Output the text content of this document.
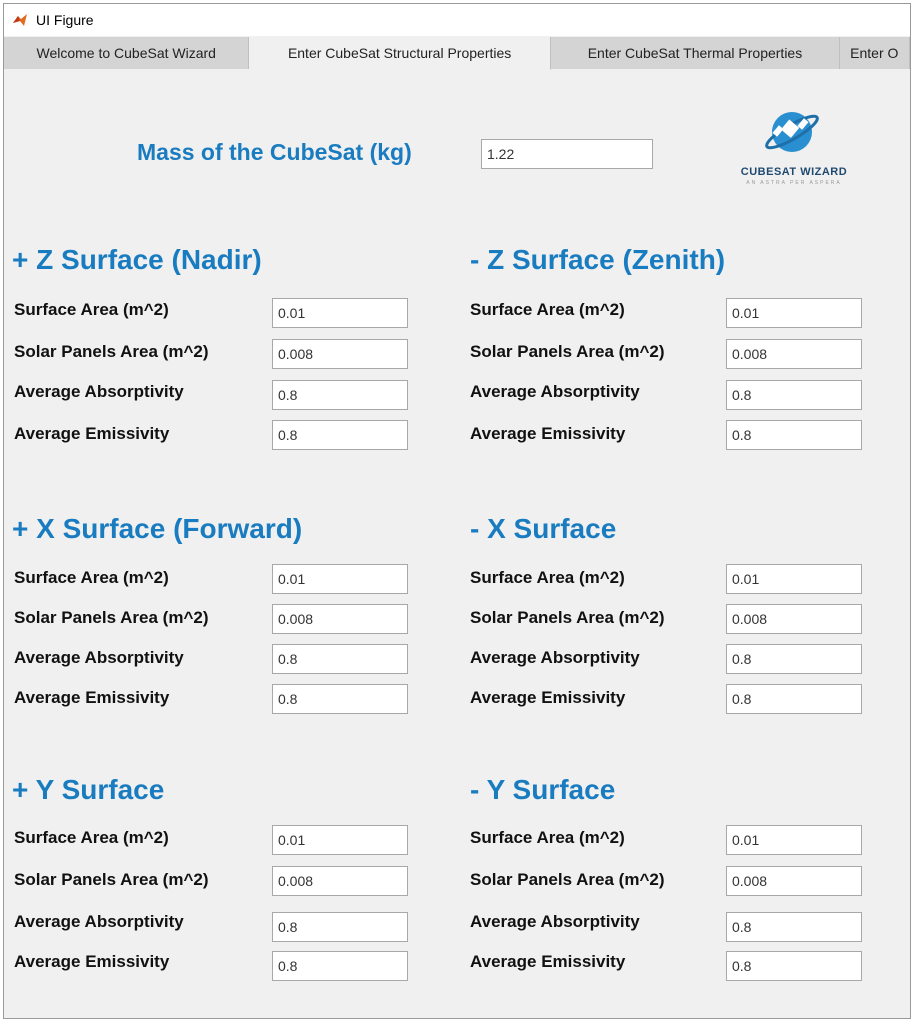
UI Figure
Welcome to CubeSat Wizard	Enter CubeSat Structural Properties	Enter CubeSat Thermal Properties	Enter O
Mass of the CubeSat (kg)	1.22
CUBESAT WIZARD
AN ASTRA PER ASPERA
+ Z Surface (Nadir)
Surface Area (m^2)	0.01
Solar Panels Area (m^2)	0.008
Average Absorptivity	0.8
Average Emissivity	0.8
- Z Surface (Zenith)
Surface Area (m^2)	0.01
Solar Panels Area (m^2)	0.008
Average Absorptivity	0.8
Average Emissivity	0.8
+ X Surface (Forward)
Surface Area (m^2)	0.01
Solar Panels Area (m^2)	0.008
Average Absorptivity	0.8
Average Emissivity	0.8
- X Surface
Surface Area (m^2)	0.01
Solar Panels Area (m^2)	0.008
Average Absorptivity	0.8
Average Emissivity	0.8
+ Y Surface
Surface Area (m^2)	0.01
Solar Panels Area (m^2)	0.008
Average Absorptivity	0.8
Average Emissivity	0.8
- Y Surface
Surface Area (m^2)	0.01
Solar Panels Area (m^2)	0.008
Average Absorptivity	0.8
Average Emissivity	0.8
